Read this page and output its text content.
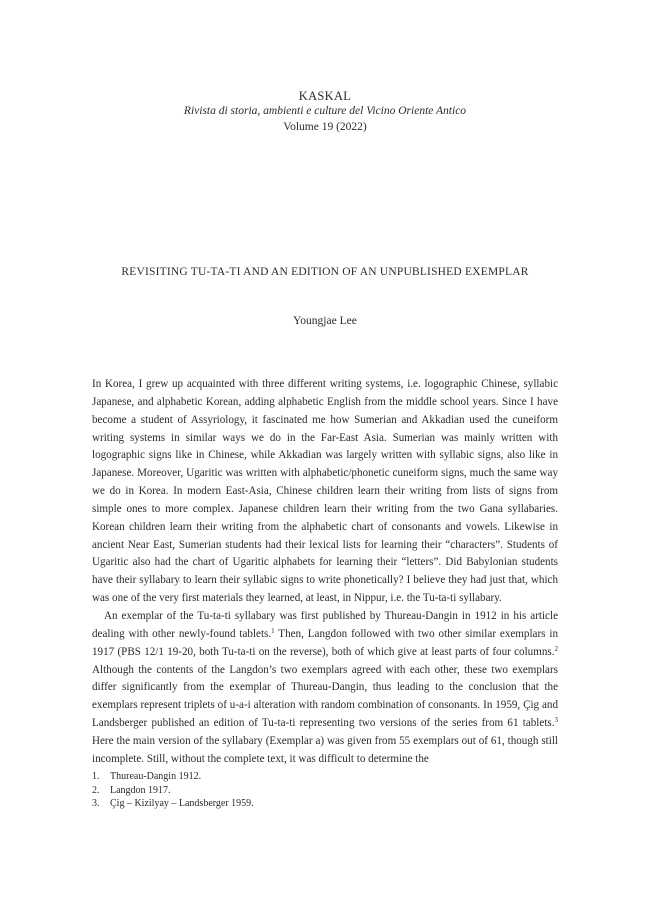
KASKAL
Rivista di storia, ambienti e culture del Vicino Oriente Antico
Volume 19 (2022)
REVISITING TU-TA-TI AND AN EDITION OF AN UNPUBLISHED EXEMPLAR
Youngjae Lee

In Korea, I grew up acquainted with three different writing systems, i.e. logographic Chinese, syllabic Japanese, and alphabetic Korean, adding alphabetic English from the middle school years. Since I have become a student of Assyriology, it fascinated me how Sumerian and Akkadian used the cuneiform writing systems in similar ways we do in the Far-East Asia. Sumerian was mainly written with logographic signs like in Chinese, while Akkadian was largely written with syllabic signs, also like in Japanese. Moreover, Ugaritic was written with alphabetic/phonetic cuneiform signs, much the same way we do in Korea. In modern East-Asia, Chinese children learn their writing from lists of signs from simple ones to more complex. Japanese children learn their writing from the two Gana syllabaries. Korean children learn their writing from the alphabetic chart of consonants and vowels. Likewise in ancient Near East, Sumerian students had their lexical lists for learning their “characters”. Students of Ugaritic also had the chart of Ugaritic alphabets for learning their “letters”. Did Babylonian students have their syllabary to learn their syllabic signs to write phonetically? I believe they had just that, which was one of the very first materials they learned, at least, in Nippur, i.e. the Tu-ta-ti syllabary.

An exemplar of the Tu-ta-ti syllabary was first published by Thureau-Dangin in 1912 in his article dealing with other newly-found tablets.$^1$ Then, Langdon followed with two other similar exemplars in 1917 (PBS 12/1 19-20, both Tu-ta-ti on the reverse), both of which give at least parts of four columns.$^2$ Although the contents of the Langdon’s two exemplars agreed with each other, these two exemplars differ significantly from the exemplar of Thureau-Dangin, thus leading to the conclusion that the exemplars represent triplets of u-a-i alteration with random combination of consonants. In 1959, Çig and Landsberger published an edition of Tu-ta-ti representing two versions of the series from 61 tablets.$^3$ Here the main version of the syllabary (Exemplar a) was given from 55 exemplars out of 61, though still incomplete. Still, without the complete text, it was difficult to determine the

1.	Thureau-Dangin 1912.
2.	Langdon 1917.
3.	Çig – Kizilyay – Landsberger 1959.
